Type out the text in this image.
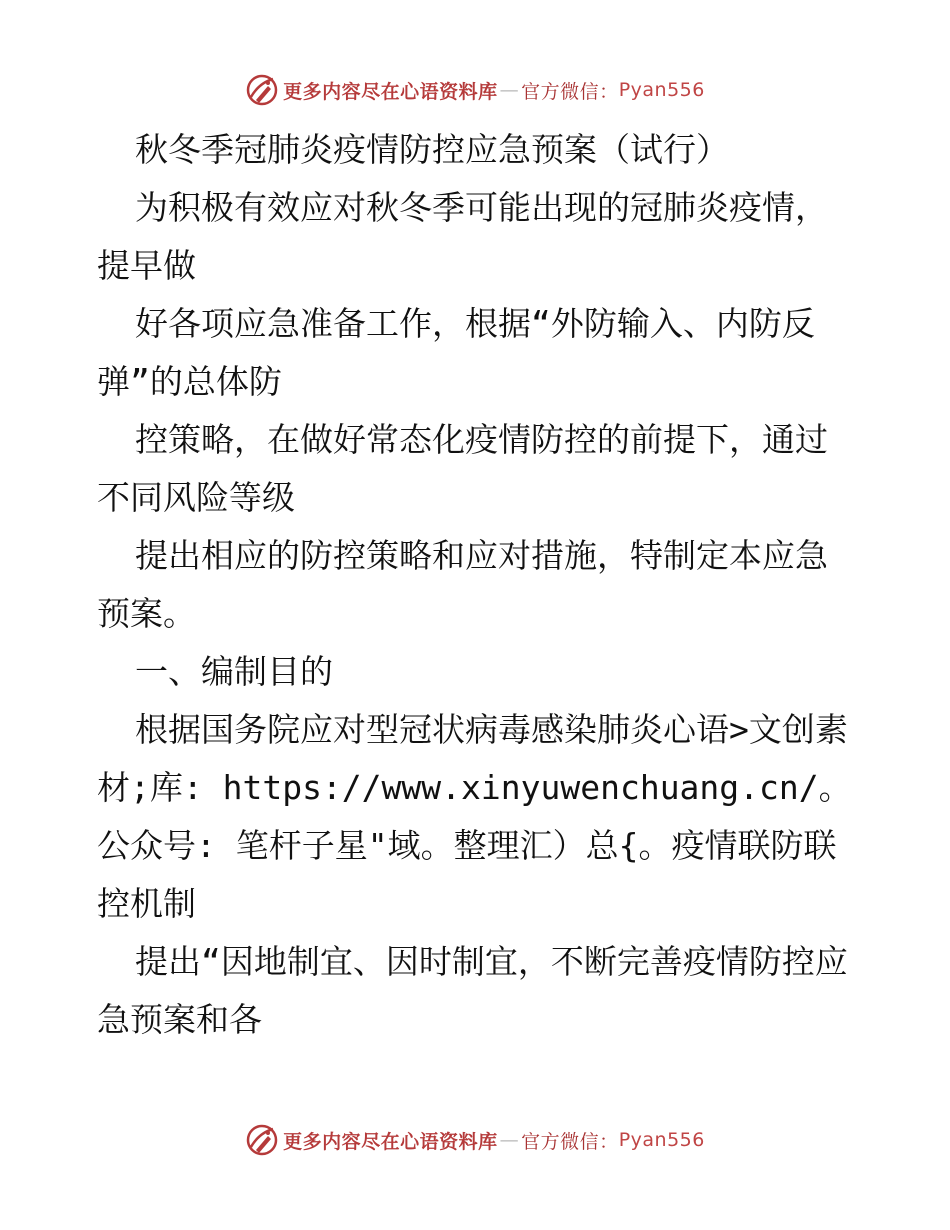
更多内容尽在心语资料库 — 官方微信： Pyan556

秋冬季冠肺炎疫情防控应急预案（试行）

为积极有效应对秋冬季可能出现的冠肺炎疫情，提早做

好各项应急准备工作，根据“外防输入、内防反弹”的总体防

控策略，在做好常态化疫情防控的前提下，通过不同风险等级

提出相应的防控策略和应对措施，特制定本应急预案。

一、编制目的

根据国务院应对型冠状病毒感染肺炎心语>文创素材;库: https://www.xinyuwenchuang.cn/。公众号: 笔杆子星"域。整理汇）总{。疫情联防联控机制

提出“因地制宜、因时制宜，不断完善疫情防控应急预案和各

更多内容尽在心语资料库 — 官方微信： Pyan556
